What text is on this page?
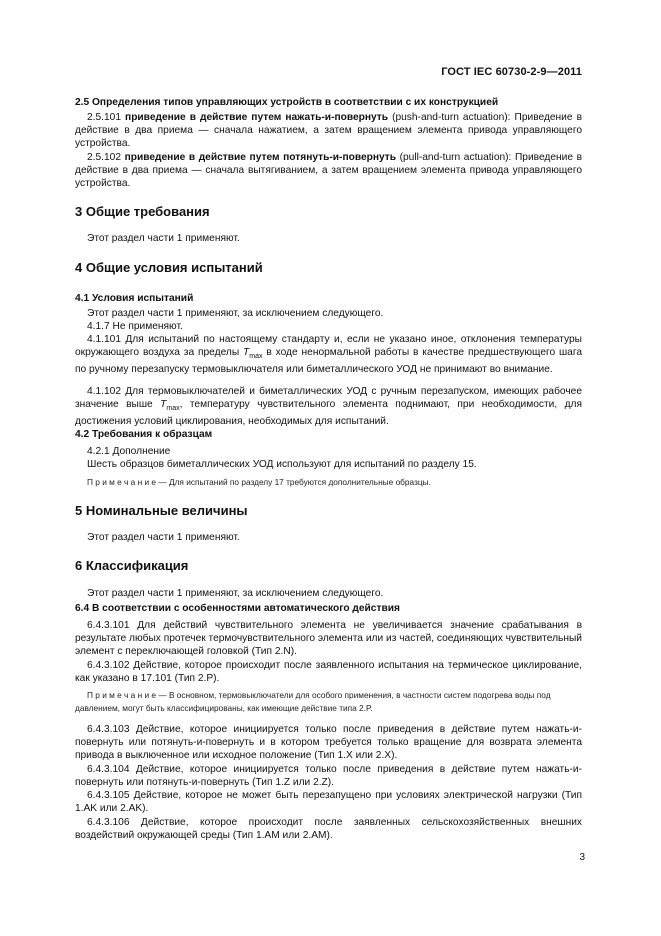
ГОСТ IEC 60730-2-9—2011
2.5 Определения типов управляющих устройств в соответствии с их конструкцией
2.5.101 приведение в действие путем нажать-и-повернуть (push-and-turn actuation): Приведение в действие в два приема — сначала нажатием, а затем вращением элемента привода управляющего устройства.
2.5.102 приведение в действие путем потянуть-и-повернуть (pull-and-turn actuation): Приведение в действие в два приема — сначала вытягиванием, а затем вращением элемента привода управляющего устройства.
3 Общие требования
Этот раздел части 1 применяют.
4 Общие условия испытаний
4.1 Условия испытаний
Этот раздел части 1 применяют, за исключением следующего.
4.1.7 Не применяют.
4.1.101 Для испытаний по настоящему стандарту и, если не указано иное, отклонения температуры окружающего воздуха за пределы $T_{max}$ в ходе ненормальной работы в качестве предшествующего шага по ручному перезапуску термовыключателя или биметаллического УОД не принимают во внимание.
4.1.102 Для термовыключателей и биметаллических УОД с ручным перезапуском, имеющих рабочее значение выше $T_{max}$, температуру чувствительного элемента поднимают, при необходимости, для достижения условий циклирования, необходимых для испытаний.
4.2 Требования к образцам
4.2.1 Дополнение
Шесть образцов биметаллических УОД используют для испытаний по разделу 15.
П р и м е ч а н и е — Для испытаний по разделу 17 требуются дополнительные образцы.
5 Номинальные величины
Этот раздел части 1 применяют.
6 Классификация
Этот раздел части 1 применяют, за исключением следующего.
6.4 В соответствии с особенностями автоматического действия
6.4.3.101 Для действий чувствительного элемента не увеличивается значение срабатывания в результате любых протечек термочувствительного элемента или из частей, соединяющих чувствительный элемент с переключающей головкой (Тип 2.N).
6.4.3.102 Действие, которое происходит после заявленного испытания на термическое циклирование, как указано в 17.101 (Тип 2.P).
П р и м е ч а н и е — В основном, термовыключатели для особого применения, в частности систем подогрева воды под давлением, могут быть классифицированы, как имеющие действие типа 2.P.
6.4.3.103 Действие, которое инициируется только после приведения в действие путем нажать-и-повернуть или потянуть-и-повернуть и в котором требуется только вращение для возврата элемента привода в выключенное или исходное положение (Тип 1.X или 2.X).
6.4.3.104 Действие, которое инициируется только после приведения в действие путем нажать-и-повернуть или потянуть-и-повернуть (Тип 1.Z или 2.Z).
6.4.3.105 Действие, которое не может быть перезапущено при условиях электрической нагрузки (Тип 1.AK или 2.AK).
6.4.3.106 Действие, которое происходит после заявленных сельскохозяйственных внешних воздействий окружающей среды (Тип 1.AM или 2.AM).
3
